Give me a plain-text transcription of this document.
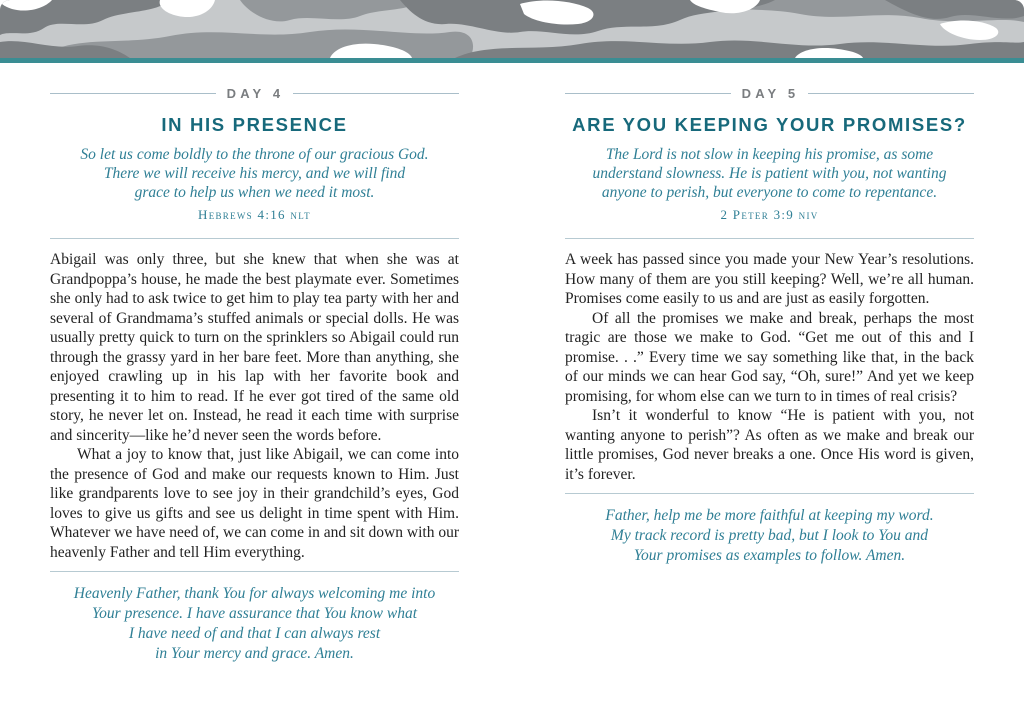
DAY 4
IN HIS PRESENCE
So let us come boldly to the throne of our gracious God.
There we will receive his mercy, and we will find
grace to help us when we need it most.
Hebrews 4:16 nlt

Abigail was only three, but she knew that when she was at Grandpoppa’s house, he made the best playmate ever. Sometimes she only had to ask twice to get him to play tea party with her and several of Grandmama’s stuffed animals or special dolls. He was usually pretty quick to turn on the sprinklers so Abigail could run through the grassy yard in her bare feet. More than anything, she enjoyed crawling up in his lap with her favorite book and presenting it to him to read. If he ever got tired of the same old story, he never let on. Instead, he read it each time with surprise and sincerity—like he’d never seen the words before.

What a joy to know that, just like Abigail, we can come into the presence of God and make our requests known to Him. Just like grandparents love to see joy in their grandchild’s eyes, God loves to give us gifts and see us delight in time spent with Him. Whatever we have need of, we can come in and sit down with our heavenly Father and tell Him everything.

Heavenly Father, thank You for always welcoming me into
Your presence. I have assurance that You know what
I have need of and that I can always rest
in Your mercy and grace. Amen.
DAY 5
ARE YOU KEEPING YOUR PROMISES?
The Lord is not slow in keeping his promise, as some
understand slowness. He is patient with you, not wanting
anyone to perish, but everyone to come to repentance.
2 Peter 3:9 niv

A week has passed since you made your New Year’s resolutions. How many of them are you still keeping? Well, we’re all human. Promises come easily to us and are just as easily forgotten.

Of all the promises we make and break, perhaps the most tragic are those we make to God. “Get me out of this and I promise. . .” Every time we say something like that, in the back of our minds we can hear God say, “Oh, sure!” And yet we keep promising, for whom else can we turn to in times of real crisis?

Isn’t it wonderful to know “He is patient with you, not wanting anyone to perish”? As often as we make and break our little promises, God never breaks a one. Once His word is given, it’s forever.

Father, help me be more faithful at keeping my word.
My track record is pretty bad, but I look to You and
Your promises as examples to follow. Amen.
